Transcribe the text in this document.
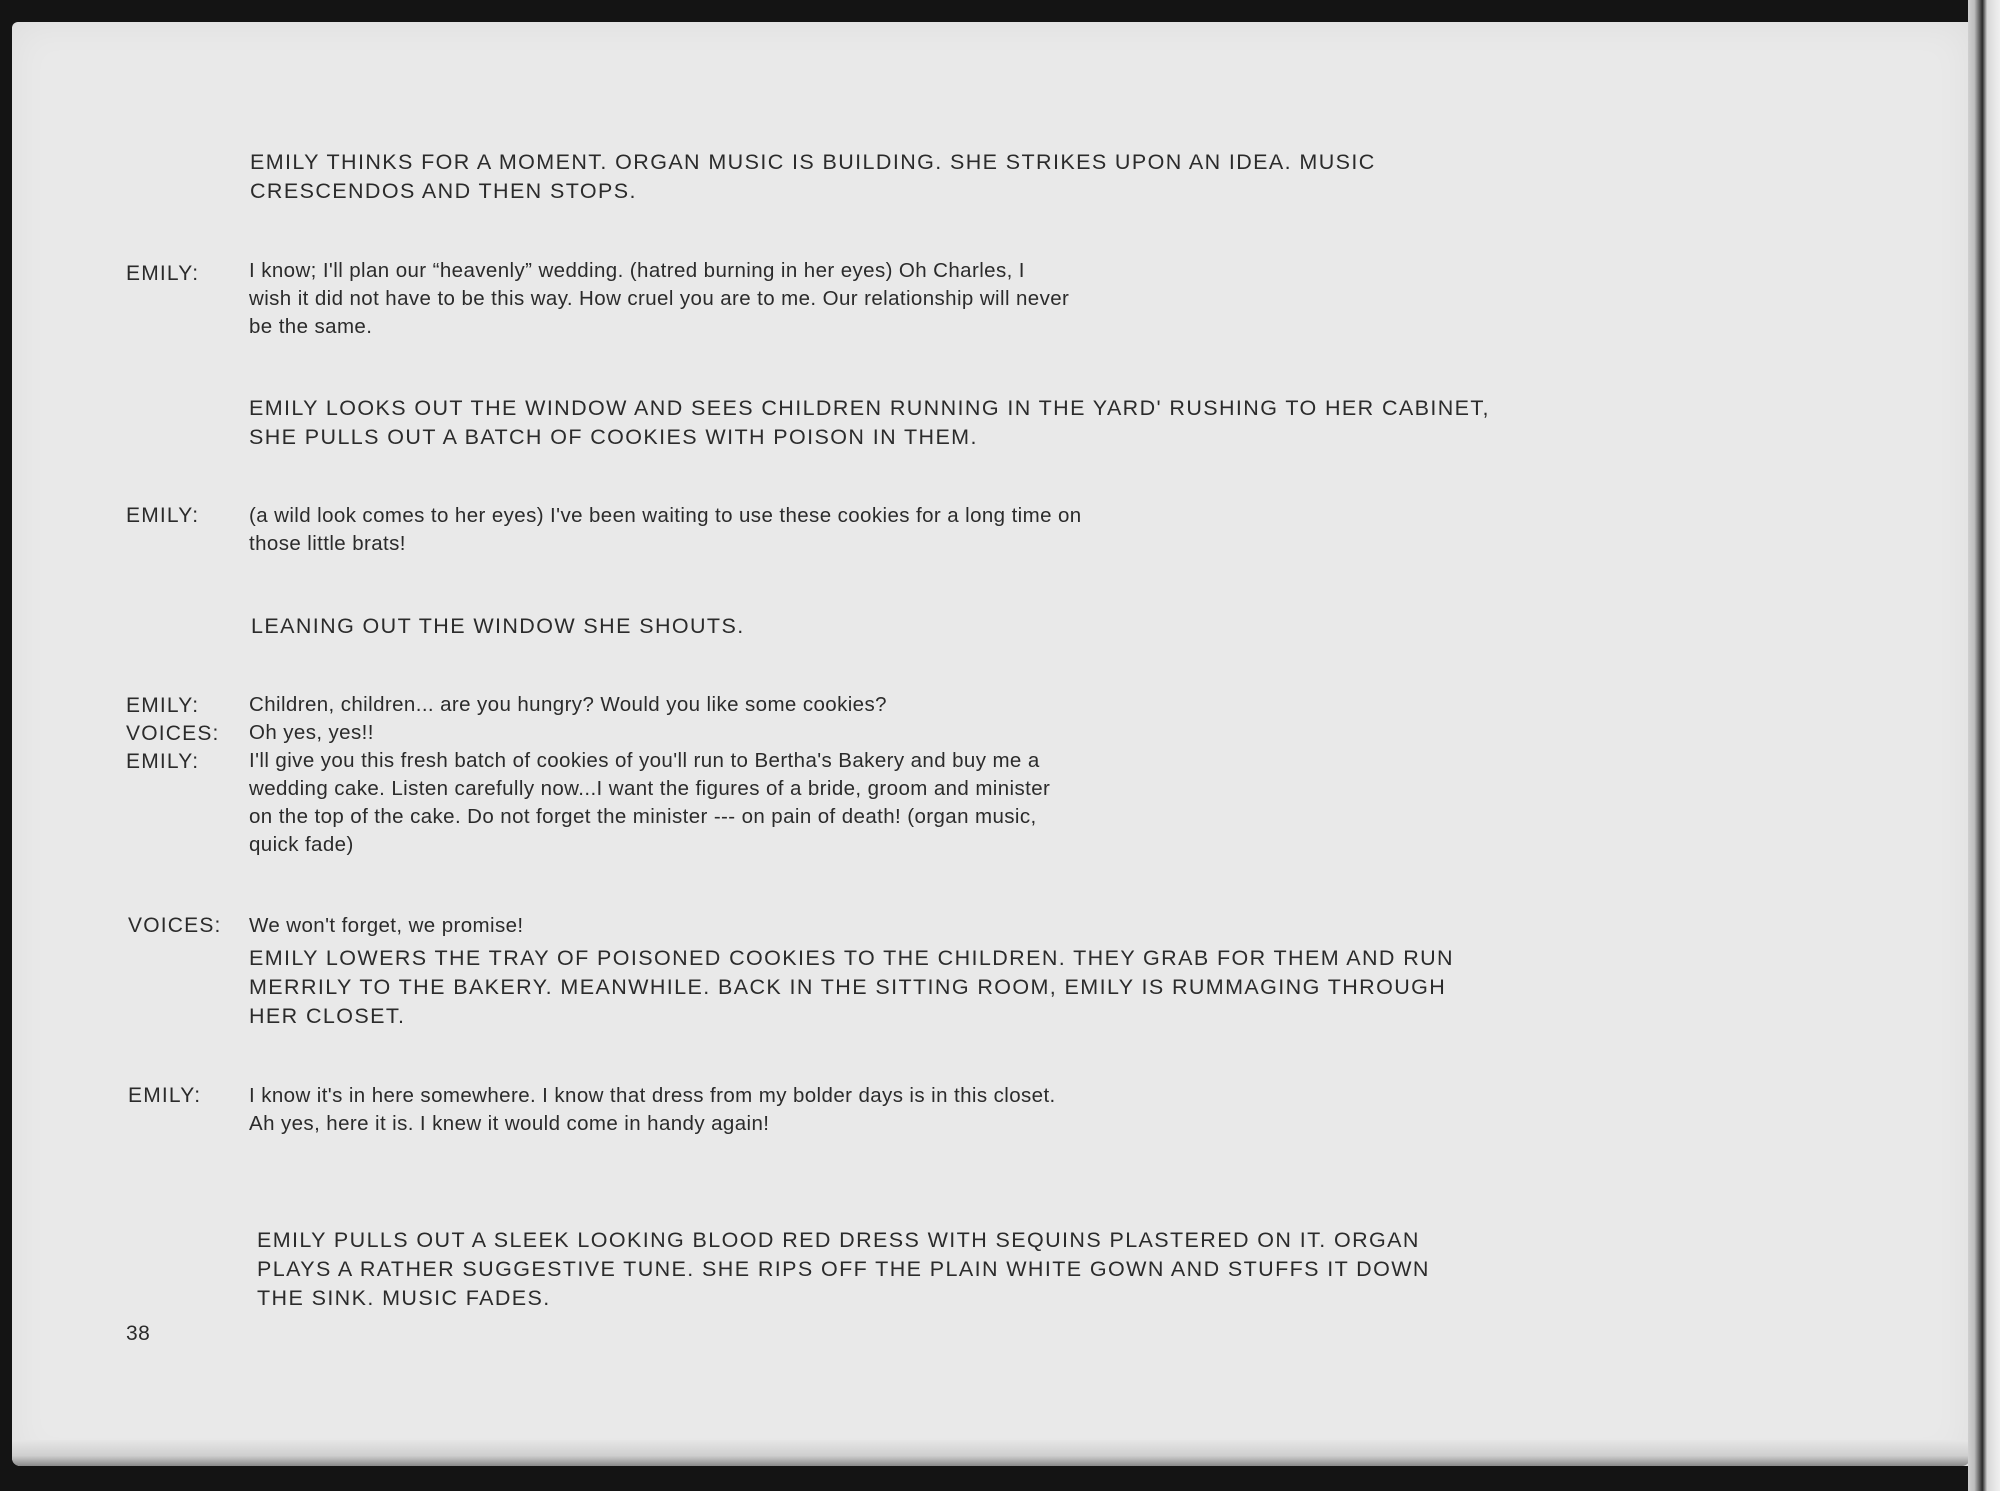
EMILY THINKS FOR A MOMENT. ORGAN MUSIC IS BUILDING. SHE STRIKES UPON AN IDEA. MUSIC
CRESCENDOS AND THEN STOPS.
EMILY: I know; I'll plan our “heavenly” wedding. (hatred burning in her eyes) Oh Charles, I
wish it did not have to be this way. How cruel you are to me. Our relationship will never
be the same.
EMILY LOOKS OUT THE WINDOW AND SEES CHILDREN RUNNING IN THE YARD' RUSHING TO HER CABINET,
SHE PULLS OUT A BATCH OF COOKIES WITH POISON IN THEM.
EMILY: (a wild look comes to her eyes) I've been waiting to use these cookies for a long time on
those little brats!
LEANING OUT THE WINDOW SHE SHOUTS.
EMILY: Children, children... are you hungry? Would you like some cookies?
VOICES: Oh yes, yes!!
EMILY: I'll give you this fresh batch of cookies of you'll run to Bertha's Bakery and buy me a
wedding cake. Listen carefully now...I want the figures of a bride, groom and minister
on the top of the cake. Do not forget the minister --- on pain of death! (organ music,
quick fade)
VOICES: We won't forget, we promise!
EMILY LOWERS THE TRAY OF POISONED COOKIES TO THE CHILDREN. THEY GRAB FOR THEM AND RUN
MERRILY TO THE BAKERY. MEANWHILE. BACK IN THE SITTING ROOM, EMILY IS RUMMAGING THROUGH
HER CLOSET.
EMILY: I know it's in here somewhere. I know that dress from my bolder days is in this closet.
Ah yes, here it is. I knew it would come in handy again!
EMILY PULLS OUT A SLEEK LOOKING BLOOD RED DRESS WITH SEQUINS PLASTERED ON IT. ORGAN
PLAYS A RATHER SUGGESTIVE TUNE. SHE RIPS OFF THE PLAIN WHITE GOWN AND STUFFS IT DOWN
THE SINK. MUSIC FADES.
38
